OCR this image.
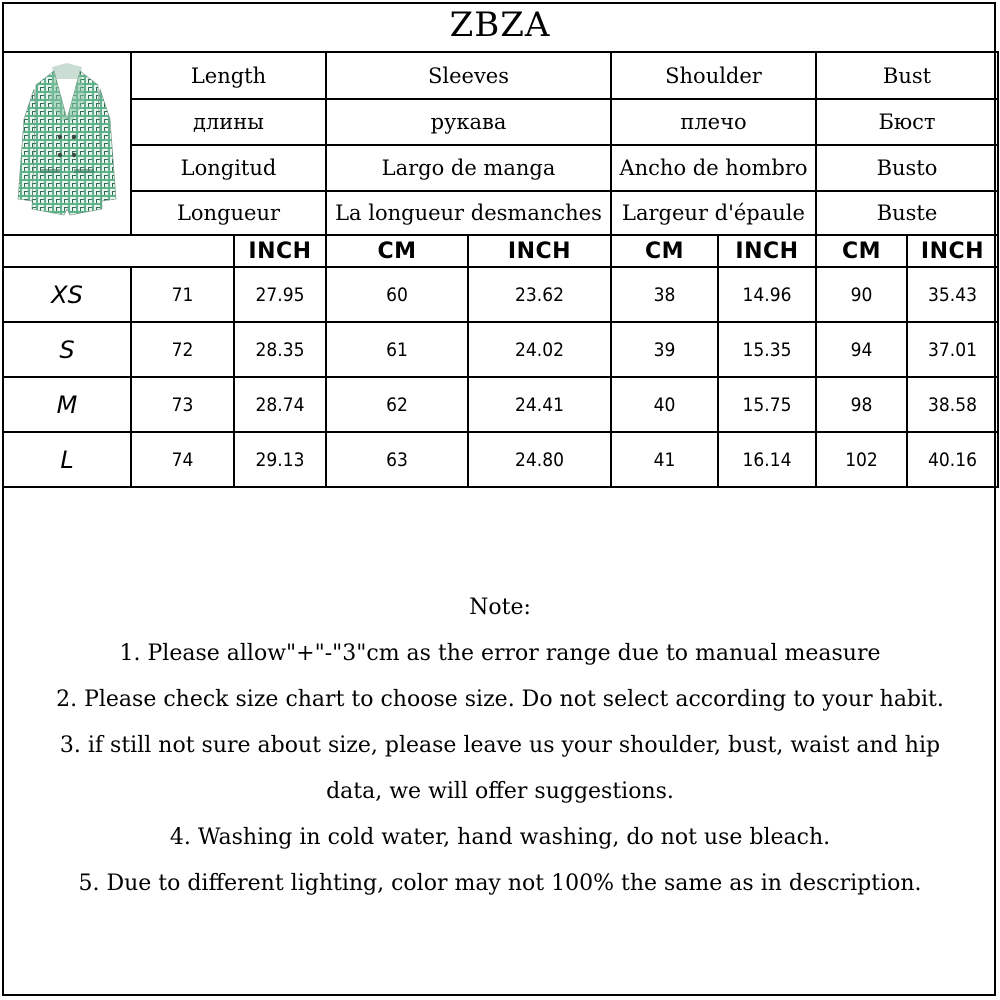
ZBZA
	Length		Sleeves		Shoulder		Bust	
	длины		рукава		плечо		Бюст	
	Longitud		Largo de manga		Ancho de hombro		Busto	
	Longueur		La longueur desmanches		Largeur d'épaule		Buste	
		INCH	CM	INCH	CM	INCH	CM	INCH
XS	71	27.95	60	23.62	38	14.96	90	35.43
S	72	28.35	61	24.02	39	15.35	94	37.01
M	73	28.74	62	24.41	40	15.75	98	38.58
L	74	29.13	63	24.80	41	16.14	102	40.16
Note:
1. Please allow"+"-"3"cm as the error range due to manual measure
2. Please check size chart to choose size. Do not select according to your habit.
3. if still not sure about size, please leave us your shoulder, bust, waist and hip
data, we will offer suggestions.
4. Washing in cold water, hand washing, do not use bleach.
5. Due to different lighting, color may not 100% the same as in description.
